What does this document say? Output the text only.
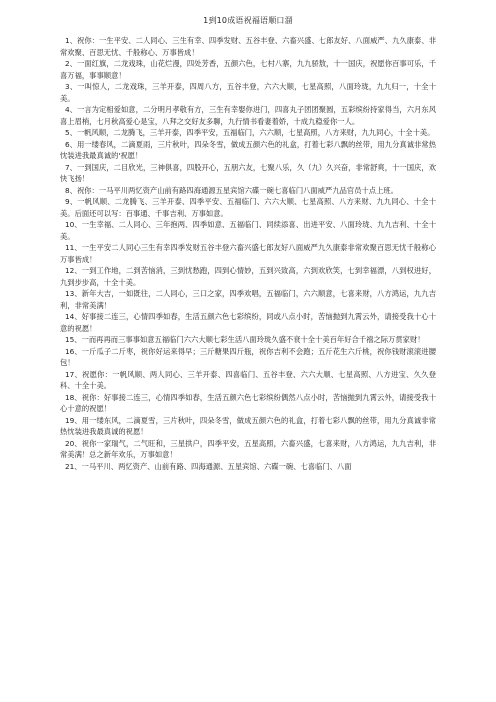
1到10成语祝福语顺口溜

1、祝你：一生平安、二人同心、三生有幸、四季发财、五谷丰登、六畜兴盛、七郎友好、八面威严、九久康泰、非常欢聚、百思无忧、千般称心、万事皆成！

2、一面红旗，二龙戏珠，山花烂漫，四处芳香，五颜六色，七村八寨，九九骄敖，十一国庆，祝愿你百事可乐，千喜万福，事事顺意！

3、一叫惊人，二龙戏珠，三羊开泰，四周八方，五谷丰登，六六大顺，七星高照，八面玲珑，九九归一，十全十美。

4、一言为定相爱如意，二分明月孝敬有方，三生有幸娶你进门，四喜丸子团团聚圆，五彩缤纷持家得当，六月东风喜上眉梢，七月秋高爱心是宝，八拜之交好友多聊，九行情书看妻着娇，十成九稳爱你一人。

5、一帆风顺，二龙腾飞，三羊开泰，四季平安，五福临门，六六顺，七星高照，八方来财，九九同心，十全十美。

6、用一缕春风，二滴夏雨，三片秋叶，四朵冬雪，做成五颜六色的礼盒，打着七彩八飘的丝带，用九分真诚非常热忱装进我最真诚的'祝愿！

7、一到国庆，二目欣光，三神俱喜，四股开心，五朋六友，七聚八乐，久（九）久兴奋，非常舒爽，十一国庆，欢快飞扬！

8、祝你：一马平川两忆资产山前有路四海通源五星宾馆六碟一碗七喜临门八面威严九品官员十点上班。

9、一帆风顺、二龙腾飞、三羊开泰、四季平安、五福临门、六六大顺、七星高照、八方来财、九九同心、十全十美。后面还可以写：百事通、千事吉利、万事如意。

10、一生幸福、二人同心、三年抱两、四季如意、五福临门、同续添喜、出进平安、八面玲珑、九九吉利、十全十美。

11、一生平安二人同心三生有幸四季发财五谷丰登六畜兴盛七郎友好八面威严九久康泰非常欢聚百思无忧千般称心万事皆成！

12、一到工作地，二到苦恼消，三到忧愁跑，四到心情妙，五到兴致高，六到欢欣笑，七到幸福漂，八到权进好，九到步步高，十全十美。

13、新年大吉，一如既往，二人同心，三口之家，四季欢唱，五福临门，六六顺意，七喜来财，八方鸿运，九九吉利，非常美满！

14、好事接二连三，心情四季如春，生活五颜六色七彩缤纷，同或八点小时，苦恼抛到九霄云外，请接受我十心十意的祝愿！

15、一而再再而三事事如意五福临门六六大顺七彩生活八面玲珑久盛不衰十全十美百年好合千禧之际万贯家财！

16、一斤瓜子二斤枣，祝你好运来得早；三斤糖果四斤瓶，祝你吉利不会跑；五斤花生六斤桃，祝你钱财滚滚进腰包！

17、祝愿你：一帆风顺、两人同心、三羊开泰、四喜临门、五谷丰登、六六大顺、七星高照、八方进宝、久久登科、十全十美。

18、祝你：好事接二连三，心情四季如春，生活五颜六色七彩缤纷偶然八点小时，苦恼抛到九霄云外，请接受我十心十意的祝愿！

19、用一缕东风，二滴夏雪，三片秋叶，四朵冬雪，做成五颜六色的礼盒，打着七彩八飘的丝带，用九分真诚非常热忱装进我最真诚的祝愿！

20、祝你一家瑞气，二气旺和，三星拱户，四季平安，五星高照，六畜兴盛，七喜来财，八方鸿运，九九吉利，非常美满！总之新年欢乐，万事如意！

21、一马平川、两忆资产、山前有路、四海通源、五星宾馆、六碟一碗、七喜临门、八面
